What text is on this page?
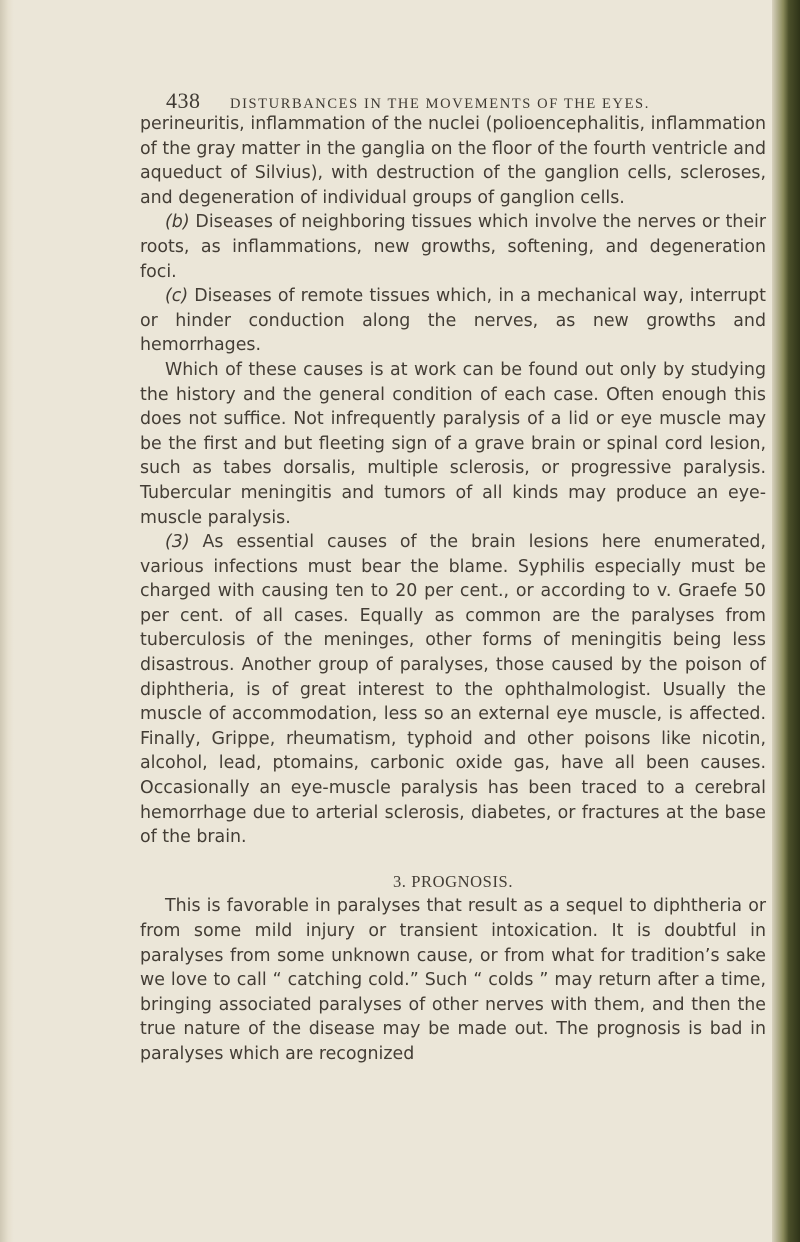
438	DISTURBANCES IN THE MOVEMENTS OF THE EYES.

perineuritis, inflammation of the nuclei (polioencephalitis, inflammation of the gray matter in the ganglia on the floor of the fourth ventricle and aqueduct of Silvius), with destruction of the ganglion cells, scleroses, and degeneration of individual groups of ganglion cells.

(b) Diseases of neighboring tissues which involve the nerves or their roots, as inflammations, new growths, softening, and degeneration foci.

(c) Diseases of remote tissues which, in a mechanical way, interrupt or hinder conduction along the nerves, as new growths and hemorrhages.

Which of these causes is at work can be found out only by studying the history and the general condition of each case. Often enough this does not suffice. Not infrequently paralysis of a lid or eye muscle may be the first and but fleeting sign of a grave brain or spinal cord lesion, such as tabes dorsalis, multiple sclerosis, or progressive paralysis. Tubercular meningitis and tumors of all kinds may produce an eye-muscle paralysis.

(3) As essential causes of the brain lesions here enumerated, various infections must bear the blame. Syphilis especially must be charged with causing ten to 20 per cent., or according to v. Graefe 50 per cent. of all cases. Equally as common are the paralyses from tuberculosis of the meninges, other forms of meningitis being less disastrous. Another group of paralyses, those caused by the poison of diphtheria, is of great interest to the ophthalmologist. Usually the muscle of accommodation, less so an external eye muscle, is affected. Finally, Grippe, rheumatism, typhoid and other poisons like nicotin, alcohol, lead, ptomains, carbonic oxide gas, have all been causes. Occasionally an eye-muscle paralysis has been traced to a cerebral hemorrhage due to arterial sclerosis, diabetes, or fractures at the base of the brain.

3. PROGNOSIS.

This is favorable in paralyses that result as a sequel to diphtheria or from some mild injury or transient intoxication. It is doubtful in paralyses from some unknown cause, or from what for tradition’s sake we love to call “ catching cold.” Such “ colds ” may return after a time, bringing associated paralyses of other nerves with them, and then the true nature of the disease may be made out. The prognosis is bad in paralyses which are recognized
